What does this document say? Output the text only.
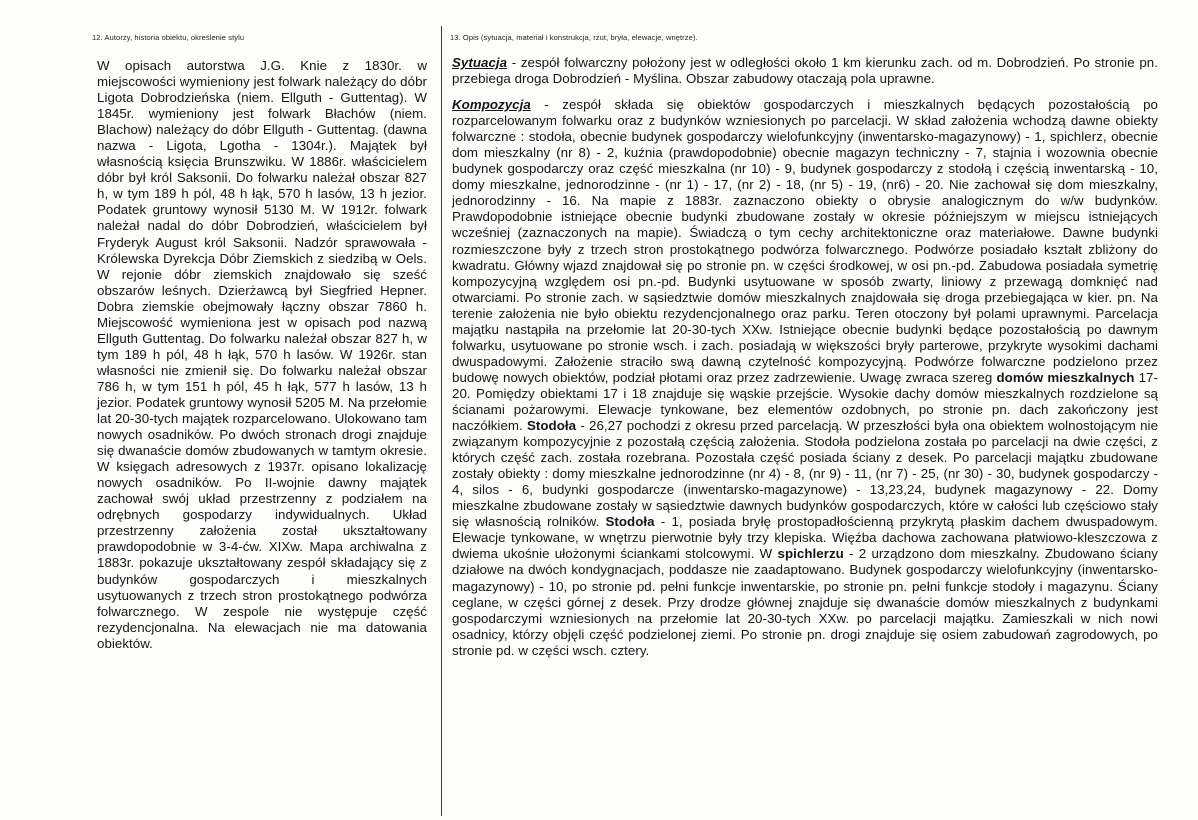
12. Autorzy, historia obiektu, określenie stylu	13. Opis (sytuacja, materiał i konstrukcja, rzut, bryła, elewacje, wnętrze).

W opisach autorstwa J.G. Knie z 1830r. w miejscowości wymieniony jest folwark należący do dóbr Ligota Dobrodzieńska (niem. Ellguth - Guttentag). W 1845r. wymieniony jest folwark Błachów (niem. Blachow) należący do dóbr Ellguth - Guttentag. (dawna nazwa - Ligota, Lgotha - 1304r.). Majątek był własnością księcia Brunszwiku. W 1886r. właścicielem dóbr był król Saksonii. Do folwarku należał obszar 827 h, w tym 189 h pól, 48 h łąk, 570 h lasów, 13 h jezior. Podatek gruntowy wynosił 5130 M. W 1912r. folwark należał nadal do dóbr Dobrodzień, właścicielem był Fryderyk August król Saksonii. Nadzór sprawowała - Królewska Dyrekcja Dóbr Ziemskich z siedzibą w Oels. W rejonie dóbr ziemskich znajdowało się sześć obszarów leśnych. Dzierżawcą był Siegfried Hepner. Dobra ziemskie obejmowały łączny obszar 7860 h. Miejscowość wymieniona jest w opisach pod nazwą Ellguth Guttentag. Do folwarku należał obszar 827 h, w tym 189 h pól, 48 h łąk, 570 h lasów. W 1926r. stan własności nie zmienił się. Do folwarku należał obszar 786 h, w tym 151 h pól, 45 h łąk, 577 h lasów, 13 h jezior. Podatek gruntowy wynosił 5205 M. Na przełomie lat 20-30-tych majątek rozparcelowano. Ulokowano tam nowych osadników. Po dwóch stronach drogi znajduje się dwanaście domów zbudowanych w tamtym okresie. W księgach adresowych z 1937r. opisano lokalizację nowych osadników. Po II-wojnie dawny majątek zachował swój układ przestrzenny z podziałem na odrębnych gospodarzy indywidualnych. Układ przestrzenny założenia został ukształtowany prawdopodobnie w 3-4-ćw. XIXw. Mapa archiwalna z 1883r. pokazuje ukształtowany zespół składający się z budynków gospodarczych i mieszkalnych usytuowanych z trzech stron prostokątnego podwórza folwarcznego. W zespole nie występuje część rezydencjonalna. Na elewacjach nie ma datowania obiektów.

Sytuacja - zespół folwarczny położony jest w odległości około 1 km kierunku zach. od m. Dobrodzień. Po stronie pn. przebiega droga Dobrodzień - Myślina. Obszar zabudowy otaczają pola uprawne.

Kompozycja - zespół składa się obiektów gospodarczych i mieszkalnych będących pozostałością po rozparcelowanym folwarku oraz z budynków wzniesionych po parcelacji. W skład założenia wchodzą dawne obiekty folwarczne : stodoła, obecnie budynek gospodarczy wielofunkcyjny (inwentarsko-magazynowy) - 1, spichlerz, obecnie dom mieszkalny (nr 8) - 2, kuźnia (prawdopodobnie) obecnie magazyn techniczny - 7, stajnia i wozownia obecnie budynek gospodarczy oraz część mieszkalna (nr 10) - 9, budynek gospodarczy z stodołą i częścią inwentarską - 10, domy mieszkalne, jednorodzinne - (nr 1) - 17, (nr 2) - 18, (nr 5) - 19, (nr6) - 20. Nie zachował się dom mieszkalny, jednorodzinny - 16. Na mapie z 1883r. zaznaczono obiekty o obrysie analogicznym do w/w budynków. Prawdopodobnie istniejące obecnie budynki zbudowane zostały w okresie późniejszym w miejscu istniejących wcześniej (zaznaczonych na mapie). Świadczą o tym cechy architektoniczne oraz materiałowe. Dawne budynki rozmieszczone były z trzech stron prostokątnego podwórza folwarcznego. Podwórze posiadało kształt zbliżony do kwadratu. Główny wjazd znajdował się po stronie pn. w części środkowej, w osi pn.-pd. Zabudowa posiadała symetrię kompozycyjną względem osi pn.-pd. Budynki usytuowane w sposób zwarty, liniowy z przewagą domknięć nad otwarciami. Po stronie zach. w sąsiedztwie domów mieszkalnych znajdowała się droga przebiegająca w kier. pn. Na terenie założenia nie było obiektu rezydencjonalnego oraz parku. Teren otoczony był polami uprawnymi. Parcelacja majątku nastąpiła na przełomie lat 20-30-tych XXw. Istniejące obecnie budynki będące pozostałością po dawnym folwarku, usytuowane po stronie wsch. i zach. posiadają w większości bryły parterowe, przykryte wysokimi dachami dwuspadowymi. Założenie straciło swą dawną czytelność kompozycyjną. Podwórze folwarczne podzielono przez budowę nowych obiektów, podział płotami oraz przez zadrzewienie. Uwagę zwraca szereg domów mieszkalnych 17-20. Pomiędzy obiektami 17 i 18 znajduje się wąskie przejście. Wysokie dachy domów mieszkalnych rozdzielone są ścianami pożarowymi. Elewacje tynkowane, bez elementów ozdobnych, po stronie pn. dach zakończony jest naczółkiem. Stodoła - 26,27 pochodzi z okresu przed parcelacją. W przeszłości była ona obiektem wolnostojącym nie związanym kompozycyjnie z pozostałą częścią założenia. Stodoła podzielona została po parcelacji na dwie części, z których część zach. została rozebrana. Pozostała część posiada ściany z desek. Po parcelacji majątku zbudowane zostały obiekty : domy mieszkalne jednorodzinne (nr 4) - 8, (nr 9) - 11, (nr 7) - 25, (nr 30) - 30, budynek gospodarczy - 4, silos - 6, budynki gospodarcze (inwentarsko-magazynowe) - 13,23,24, budynek magazynowy - 22. Domy mieszkalne zbudowane zostały w sąsiedztwie dawnych budynków gospodarczych, które w całości lub częściowo stały się własnością rolników. Stodoła - 1, posiada bryłę prostopadłościenną przykrytą płaskim dachem dwuspadowym. Elewacje tynkowane, w wnętrzu pierwotnie były trzy klepiska. Więźba dachowa zachowana płatwiowo-kleszczowa z dwiema ukośnie ułożonymi ściankami stolcowymi. W spichlerzu - 2 urządzono dom mieszkalny. Zbudowano ściany działowe na dwóch kondygnacjach, poddasze nie zaadaptowano. Budynek gospodarczy wielofunkcyjny (inwentarsko-magazynowy) - 10, po stronie pd. pełni funkcje inwentarskie, po stronie pn. pełni funkcje stodoły i magazynu. Ściany ceglane, w części górnej z desek. Przy drodze głównej znajduje się dwanaście domów mieszkalnych z budynkami gospodarczymi wzniesionych na przełomie lat 20-30-tych XXw. po parcelacji majątku. Zamieszkali w nich nowi osadnicy, którzy objęli część podzielonej ziemi. Po stronie pn. drogi znajduje się osiem zabudowań zagrodowych, po stronie pd. w części wsch. cztery.
